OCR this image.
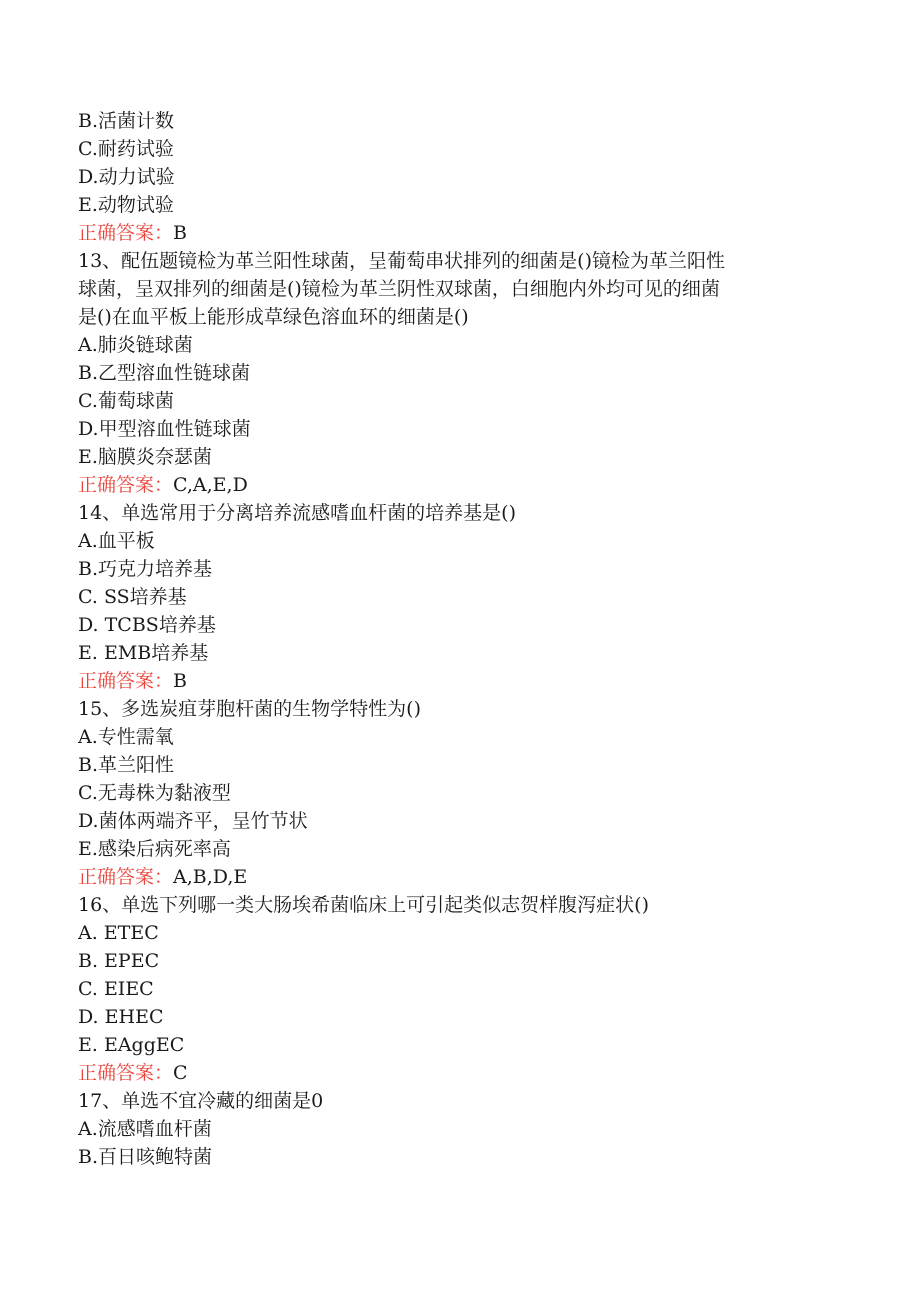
B.活菌计数
C.耐药试验
D.动力试验
E.动物试验
正确答案：B
13、配伍题镜检为革兰阳性球菌，呈葡萄串状排列的细菌是()镜检为革兰阳性
球菌，呈双排列的细菌是()镜检为革兰阴性双球菌，白细胞内外均可见的细菌
是()在血平板上能形成草绿色溶血环的细菌是()
A.肺炎链球菌
B.乙型溶血性链球菌
C.葡萄球菌
D.甲型溶血性链球菌
E.脑膜炎奈瑟菌
正确答案：C,A,E,D
14、单选常用于分离培养流感嗜血杆菌的培养基是()
A.血平板
B.巧克力培养基
C. SS培养基
D. TCBS培养基
E. EMB培养基
正确答案：B
15、多选炭疽芽胞杆菌的生物学特性为()
A.专性需氧
B.革兰阳性
C.无毒株为黏液型
D.菌体两端齐平，呈竹节状
E.感染后病死率高
正确答案：A,B,D,E
16、单选下列哪一类大肠埃希菌临床上可引起类似志贺样腹泻症状()
A. ETEC
B. EPEC
C. EIEC
D. EHEC
E. EAggEC
正确答案：C
17、单选不宜冷藏的细菌是0
A.流感嗜血杆菌
B.百日咳鲍特菌
